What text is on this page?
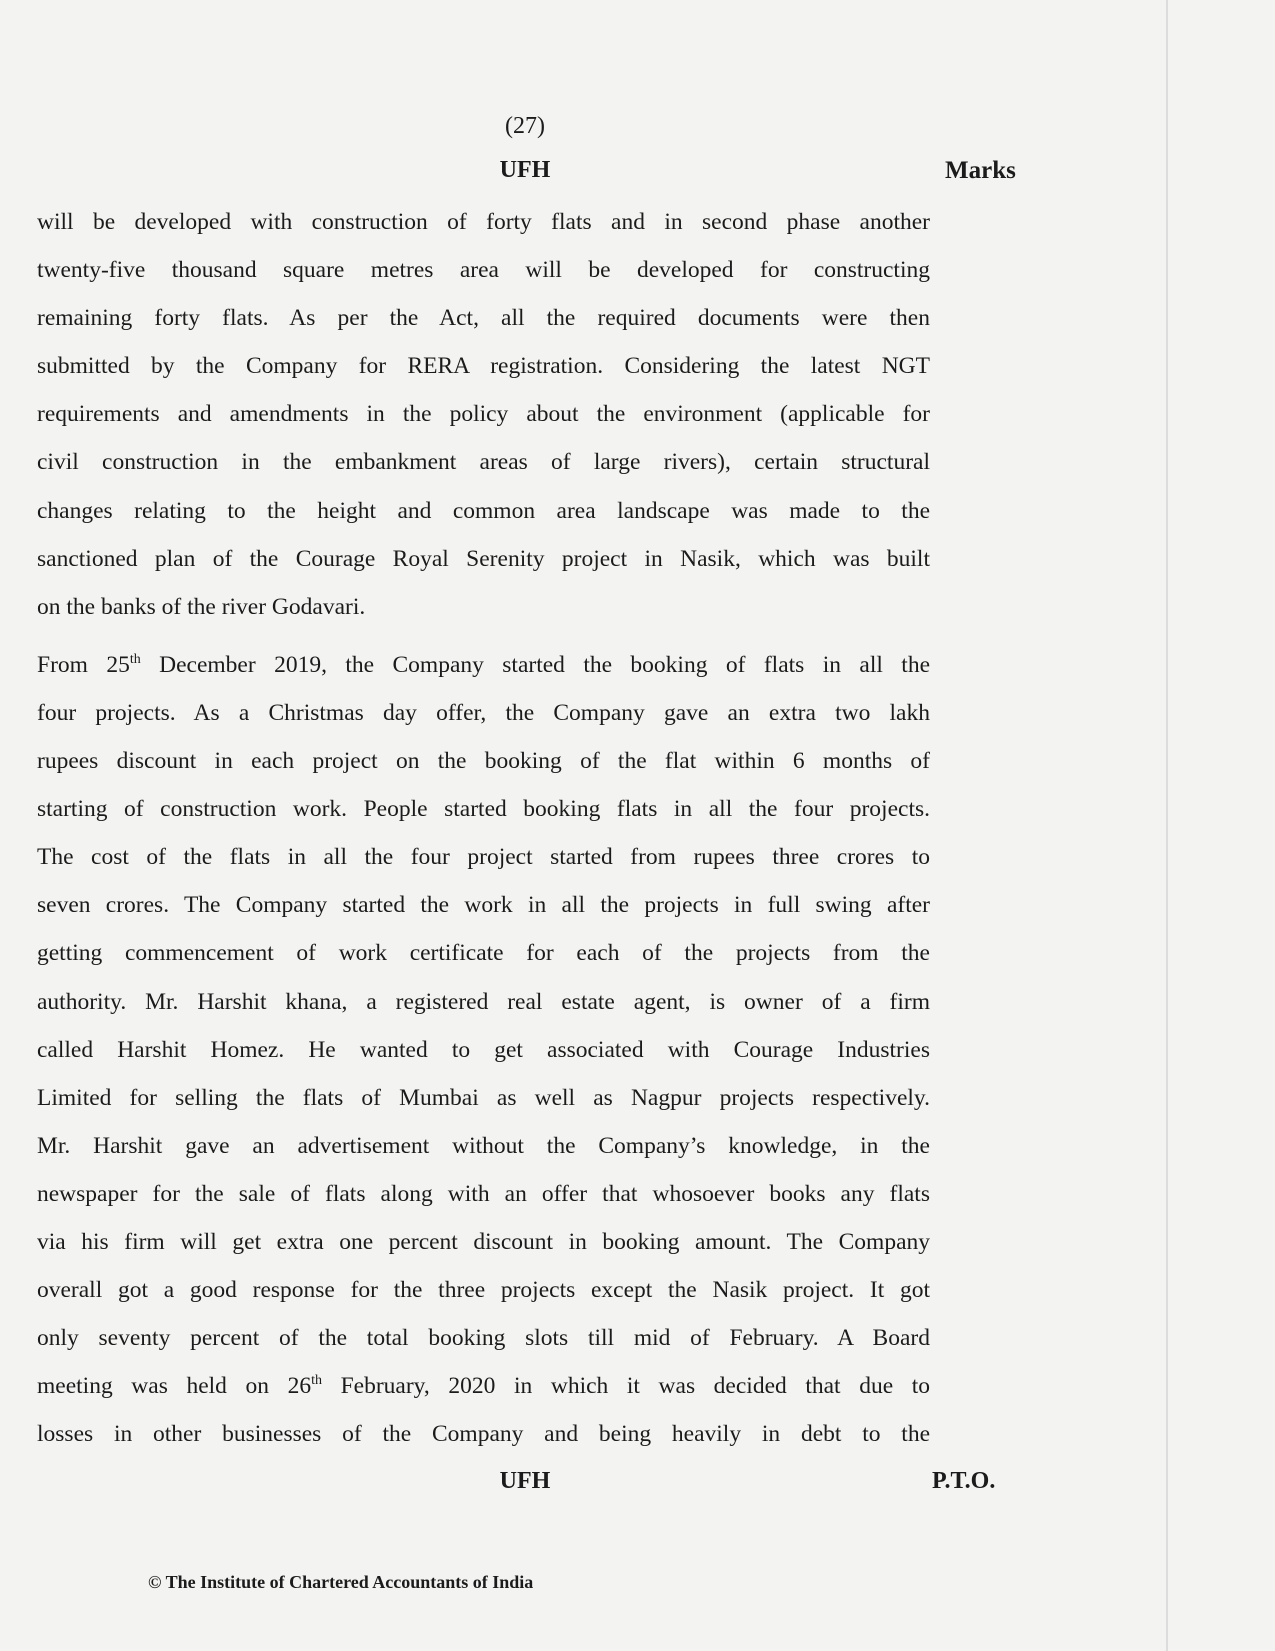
(27)
UFH	Marks

will be developed with construction of forty flats and in second phase another
twenty-five thousand square metres area will be developed for constructing
remaining forty flats. As per the Act, all the required documents were then
submitted by the Company for RERA registration. Considering the latest NGT
requirements and amendments in the policy about the environment (applicable for
civil construction in the embankment areas of large rivers), certain structural
changes relating to the height and common area landscape was made to the
sanctioned plan of the Courage Royal Serenity project in Nasik, which was built
on the banks of the river Godavari.

From 25th December 2019, the Company started the booking of flats in all the
four projects. As a Christmas day offer, the Company gave an extra two lakh
rupees discount in each project on the booking of the flat within 6 months of
starting of construction work. People started booking flats in all the four projects.
The cost of the flats in all the four project started from rupees three crores to
seven crores. The Company started the work in all the projects in full swing after
getting commencement of work certificate for each of the projects from the
authority. Mr. Harshit khana, a registered real estate agent, is owner of a firm
called Harshit Homez. He wanted to get associated with Courage Industries
Limited for selling the flats of Mumbai as well as Nagpur projects respectively.
Mr. Harshit gave an advertisement without the Company’s knowledge, in the
newspaper for the sale of flats along with an offer that whosoever books any flats
via his firm will get extra one percent discount in booking amount. The Company
overall got a good response for the three projects except the Nasik project. It got
only seventy percent of the total booking slots till mid of February. A Board
meeting was held on 26th February, 2020 in which it was decided that due to
losses in other businesses of the Company and being heavily in debt to the

UFH	P.T.O.
© The Institute of Chartered Accountants of India
